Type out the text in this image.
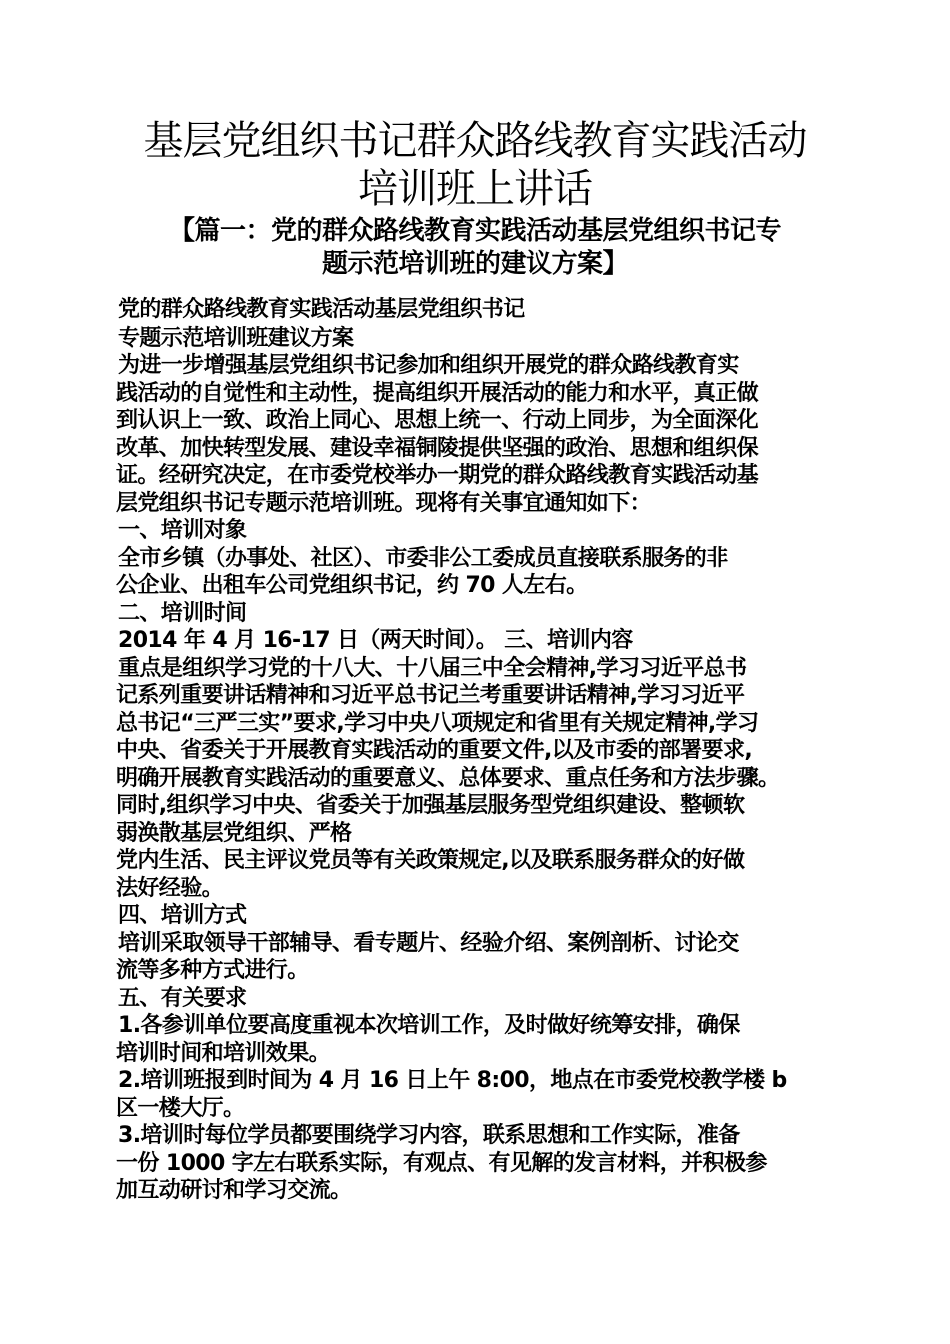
基层党组织书记群众路线教育实践活动
培训班上讲话
【篇一：党的群众路线教育实践活动基层党组织书记专
题示范培训班的建议方案】
党的群众路线教育实践活动基层党组织书记
专题示范培训班建议方案
为进一步增强基层党组织书记参加和组织开展党的群众路线教育实
践活动的自觉性和主动性，提高组织开展活动的能力和水平，真正做
到认识上一致、政治上同心、思想上统一、行动上同步，为全面深化
改革、加快转型发展、建设幸福铜陵提供坚强的政治、思想和组织保
证。经研究决定，在市委党校举办一期党的群众路线教育实践活动基
层党组织书记专题示范培训班。现将有关事宜通知如下：
一、培训对象
全市乡镇（办事处、社区）、市委非公工委成员直接联系服务的非
公企业、出租车公司党组织书记，约 70 人左右。
二、培训时间
2014 年 4 月 16-17 日（两天时间）。 三、培训内容
重点是组织学习党的十八大、十八届三中全会精神,学习习近平总书
记系列重要讲话精神和习近平总书记兰考重要讲话精神,学习习近平
总书记“三严三实”要求,学习中央八项规定和省里有关规定精神,学习
中央、省委关于开展教育实践活动的重要文件,以及市委的部署要求,
明确开展教育实践活动的重要意义、总体要求、重点任务和方法步骤。
同时,组织学习中央、省委关于加强基层服务型党组织建设、整顿软
弱涣散基层党组织、严格
党内生活、民主评议党员等有关政策规定,以及联系服务群众的好做
法好经验。
四、培训方式
培训采取领导干部辅导、看专题片、经验介绍、案例剖析、讨论交
流等多种方式进行。
五、有关要求
1.各参训单位要高度重视本次培训工作，及时做好统筹安排，确保
培训时间和培训效果。
2.培训班报到时间为 4 月 16 日上午 8:00，地点在市委党校教学楼 b
区一楼大厅。
3.培训时每位学员都要围绕学习内容，联系思想和工作实际，准备
一份 1000 字左右联系实际，有观点、有见解的发言材料，并积极参
加互动研讨和学习交流。
